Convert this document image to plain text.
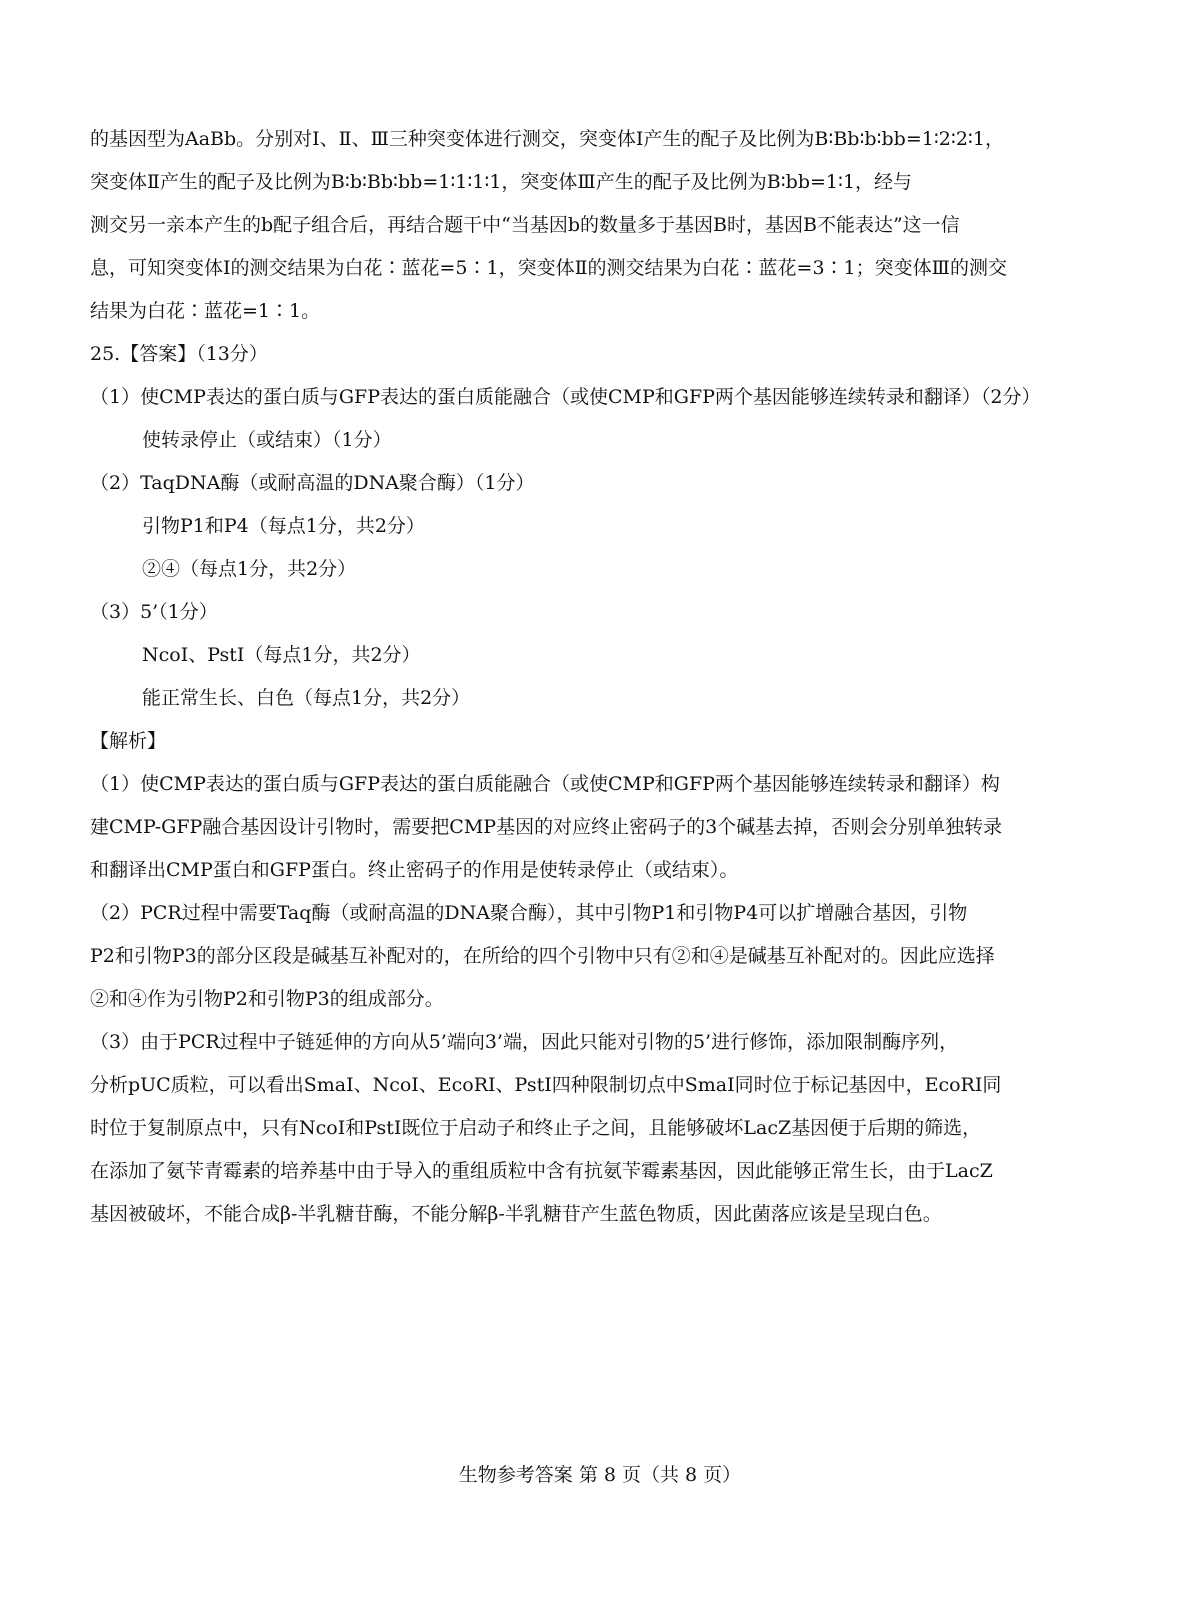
的基因型为AaBb。分别对Ⅰ、Ⅱ、Ⅲ三种突变体进行测交，突变体Ⅰ产生的配子及比例为B∶Bb∶b∶bb=1∶2∶2∶1，
突变体Ⅱ产生的配子及比例为B∶b∶Bb∶bb=1∶1∶1∶1，突变体Ⅲ产生的配子及比例为B∶bb=1∶1，经与
测交另一亲本产生的b配子组合后，再结合题干中“当基因b的数量多于基因B时，基因B不能表达”这一信
息，可知突变体Ⅰ的测交结果为白花∶蓝花=5∶1，突变体Ⅱ的测交结果为白花∶蓝花=3∶1；突变体Ⅲ的测交
结果为白花∶蓝花=1∶1。
25.【答案】（13分）
（1）使CMP表达的蛋白质与GFP表达的蛋白质能融合（或使CMP和GFP两个基因能够连续转录和翻译）（2分）
使转录停止（或结束）（1分）
（2）TaqDNA酶（或耐高温的DNA聚合酶）（1分）
引物P1和P4（每点1分，共2分）
②④（每点1分，共2分）
（3）5’（1分）
NcoⅠ、PstⅠ（每点1分，共2分）
能正常生长、白色（每点1分，共2分）
【解析】
（1）使CMP表达的蛋白质与GFP表达的蛋白质能融合（或使CMP和GFP两个基因能够连续转录和翻译）构
建CMP-GFP融合基因设计引物时，需要把CMP基因的对应终止密码子的3个碱基去掉，否则会分别单独转录
和翻译出CMP蛋白和GFP蛋白。终止密码子的作用是使转录停止（或结束）。
（2）PCR过程中需要Taq酶（或耐高温的DNA聚合酶），其中引物P1和引物P4可以扩增融合基因，引物
P2和引物P3的部分区段是碱基互补配对的，在所给的四个引物中只有②和④是碱基互补配对的。因此应选择
②和④作为引物P2和引物P3的组成部分。
（3）由于PCR过程中子链延伸的方向从5’端向3’端，因此只能对引物的5’进行修饰，添加限制酶序列，
分析pUC质粒，可以看出SmaⅠ、NcoⅠ、EcoRⅠ、PstⅠ四种限制切点中SmaⅠ同时位于标记基因中，EcoRⅠ同
时位于复制原点中，只有NcoⅠ和PstⅠ既位于启动子和终止子之间，且能够破坏LacZ基因便于后期的筛选，
在添加了氨苄青霉素的培养基中由于导入的重组质粒中含有抗氨苄霉素基因，因此能够正常生长，由于LacZ
基因被破坏，不能合成β-半乳糖苷酶，不能分解β-半乳糖苷产生蓝色物质，因此菌落应该是呈现白色。
生物参考答案 第 8 页（共 8 页）
